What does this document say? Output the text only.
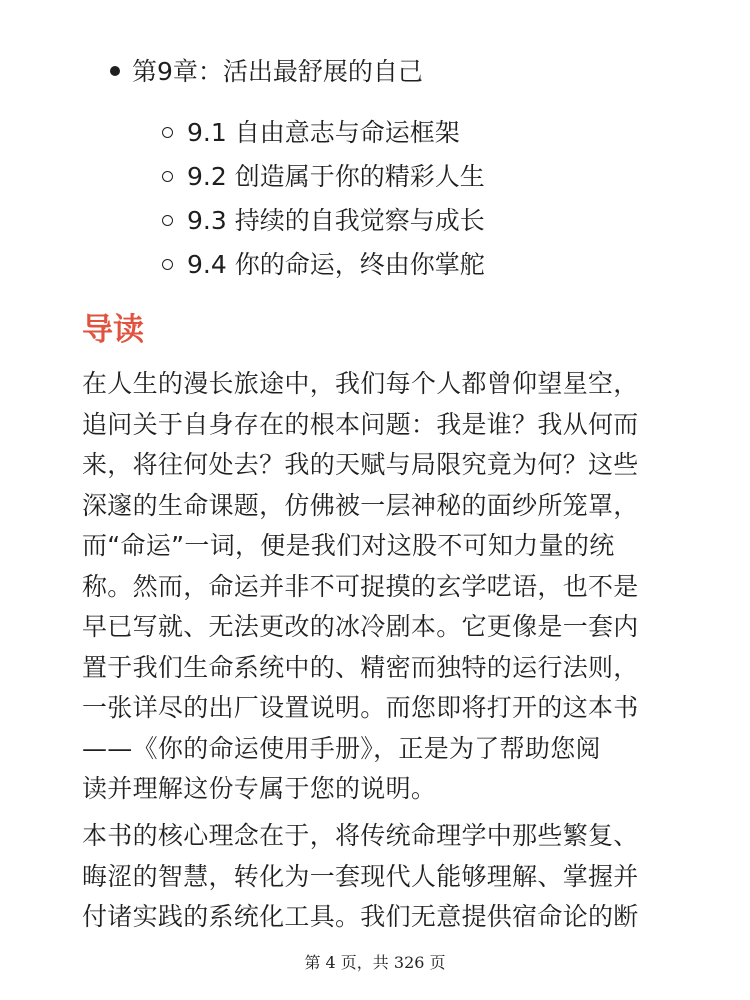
第9章：活出最舒展的自己
9.1 自由意志与命运框架
9.2 创造属于你的精彩人生
9.3 持续的自我觉察与成长
9.4 你的命运，终由你掌舵
导读
在人生的漫长旅途中，我们每个人都曾仰望星空，
追问关于自身存在的根本问题：我是谁？我从何而
来，将往何处去？我的天赋与局限究竟为何？这些
深邃的生命课题，仿佛被一层神秘的面纱所笼罩，
而“命运”一词，便是我们对这股不可知力量的统
称。然而，命运并非不可捉摸的玄学呓语，也不是
早已写就、无法更改的冰冷剧本。它更像是一套内
置于我们生命系统中的、精密而独特的运行法则，
一张详尽的出厂设置说明。而您即将打开的这本书
——《你的命运使用手册》，正是为了帮助您阅
读并理解这份专属于您的说明。
本书的核心理念在于，将传统命理学中那些繁复、
晦涩的智慧，转化为一套现代人能够理解、掌握并
付诸实践的系统化工具。我们无意提供宿命论的断
第 4 页，共 326 页
